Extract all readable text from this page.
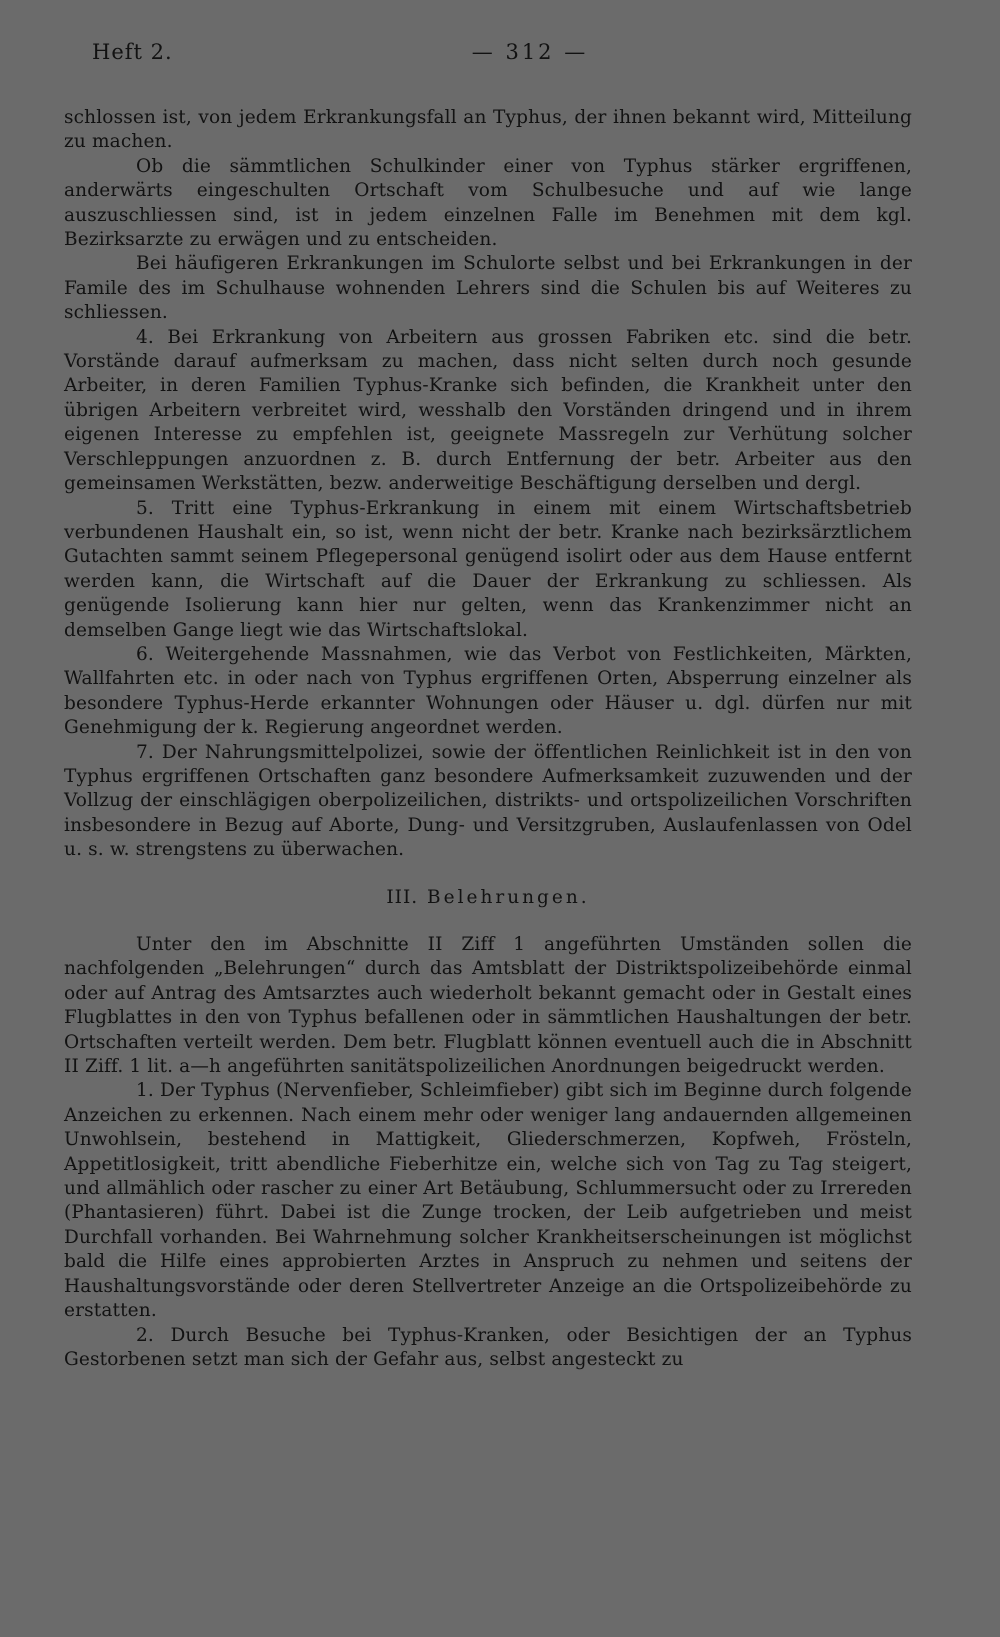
Heft 2.	— 312 —

schlossen ist, von jedem Erkrankungsfall an Typhus, der ihnen bekannt wird, Mitteilung zu machen.

Ob die sämmtlichen Schulkinder einer von Typhus stärker ergriffenen, anderwärts eingeschulten Ortschaft vom Schulbesuche und auf wie lange auszuschliessen sind, ist in jedem einzelnen Falle im Benehmen mit dem kgl. Bezirksarzte zu erwägen und zu entscheiden.

Bei häufigeren Erkrankungen im Schulorte selbst und bei Erkrankungen in der Famile des im Schulhause wohnenden Lehrers sind die Schulen bis auf Weiteres zu schliessen.

4. Bei Erkrankung von Arbeitern aus grossen Fabriken etc. sind die betr. Vorstände darauf aufmerksam zu machen, dass nicht selten durch noch gesunde Arbeiter, in deren Familien Typhus-Kranke sich befinden, die Krankheit unter den übrigen Arbeitern verbreitet wird, wesshalb den Vorständen dringend und in ihrem eigenen Interesse zu empfehlen ist, geeignete Massregeln zur Verhütung solcher Verschleppungen anzuordnen z. B. durch Entfernung der betr. Arbeiter aus den gemeinsamen Werkstätten, bezw. anderweitige Beschäftigung derselben und dergl.

5. Tritt eine Typhus-Erkrankung in einem mit einem Wirtschaftsbetrieb verbundenen Haushalt ein, so ist, wenn nicht der betr. Kranke nach bezirksärztlichem Gutachten sammt seinem Pflegepersonal genügend isolirt oder aus dem Hause entfernt werden kann, die Wirtschaft auf die Dauer der Erkrankung zu schliessen. Als genügende Isolierung kann hier nur gelten, wenn das Krankenzimmer nicht an demselben Gange liegt wie das Wirtschaftslokal.

6. Weitergehende Massnahmen, wie das Verbot von Festlichkeiten, Märkten, Wallfahrten etc. in oder nach von Typhus ergriffenen Orten, Absperrung einzelner als besondere Typhus-Herde erkannter Wohnungen oder Häuser u. dgl. dürfen nur mit Genehmigung der k. Regierung angeordnet werden.

7. Der Nahrungsmittelpolizei, sowie der öffentlichen Reinlichkeit ist in den von Typhus ergriffenen Ortschaften ganz besondere Aufmerksamkeit zuzuwenden und der Vollzug der einschlägigen oberpolizeilichen, distrikts- und ortspolizeilichen Vorschriften insbesondere in Bezug auf Aborte, Dung- und Versitzgruben, Auslaufenlassen von Odel u. s. w. strengstens zu überwachen.

III. Belehrungen.

Unter den im Abschnitte II Ziff 1 angeführten Umständen sollen die nachfolgenden „Belehrungen“ durch das Amtsblatt der Distriktspolizeibehörde einmal oder auf Antrag des Amtsarztes auch wiederholt bekannt gemacht oder in Gestalt eines Flugblattes in den von Typhus befallenen oder in sämmtlichen Haushaltungen der betr. Ortschaften verteilt werden. Dem betr. Flugblatt können eventuell auch die in Abschnitt II Ziff. 1 lit. a—h angeführten sanitätspolizeilichen Anordnungen beigedruckt werden.

1. Der Typhus (Nervenfieber, Schleimfieber) gibt sich im Beginne durch folgende Anzeichen zu erkennen. Nach einem mehr oder weniger lang andauernden allgemeinen Unwohlsein, bestehend in Mattigkeit, Gliederschmerzen, Kopfweh, Frösteln, Appetitlosigkeit, tritt abendliche Fieberhitze ein, welche sich von Tag zu Tag steigert, und allmählich oder rascher zu einer Art Betäubung, Schlummersucht oder zu Irrereden (Phantasieren) führt. Dabei ist die Zunge trocken, der Leib aufgetrieben und meist Durchfall vorhanden. Bei Wahrnehmung solcher Krankheitserscheinungen ist möglichst bald die Hilfe eines approbierten Arztes in Anspruch zu nehmen und seitens der Haushaltungsvorstände oder deren Stellvertreter Anzeige an die Ortspolizeibehörde zu erstatten.

2. Durch Besuche bei Typhus-Kranken, oder Besichtigen der an Typhus Gestorbenen setzt man sich der Gefahr aus, selbst angesteckt zu
